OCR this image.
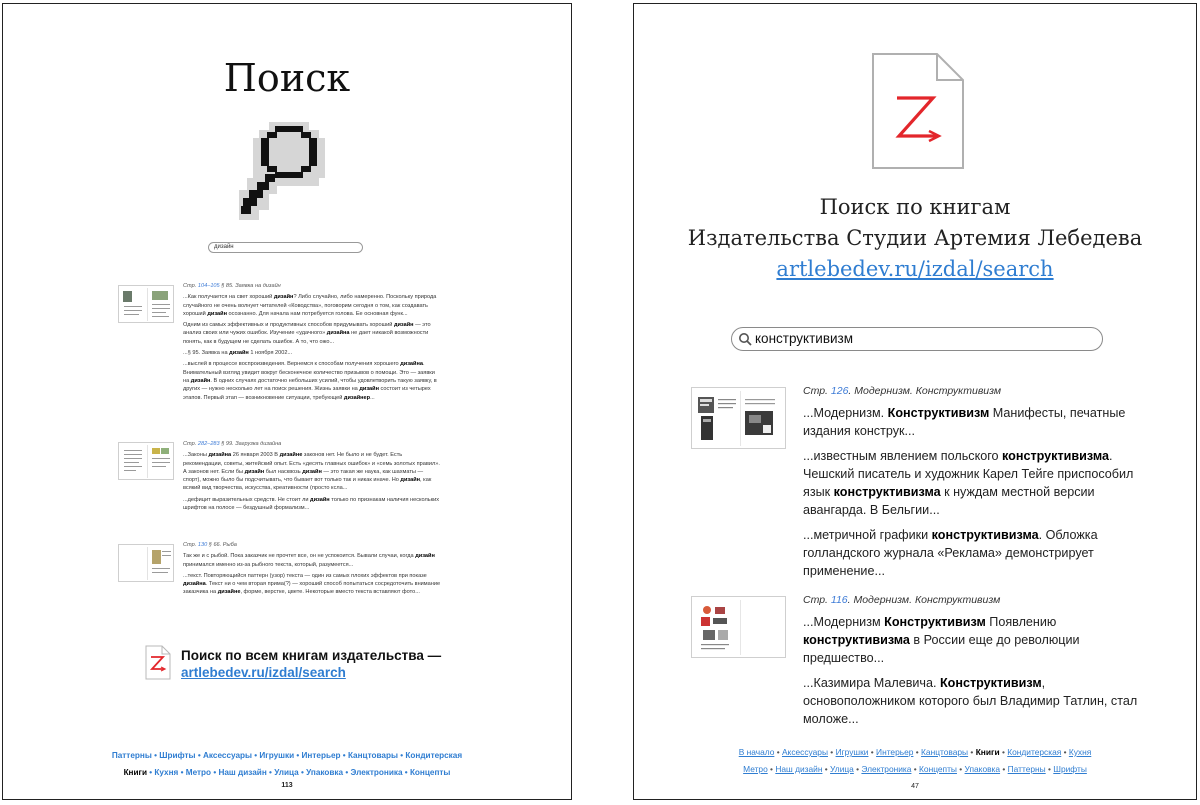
Поиск
дизайн

Стр. 104–105 § 85. Заявка на дизайн

...Как получается на свет хороший дизайн? Либо случайно, либо намеренно. Поскольку природа случайного не очень волнует читателей «Ководства», поговорим сегодня о том, как создавать хороший дизайн осознанно. Для начала нам потребуется голова. Ее основная функ...

Одним из самых эффективных и продуктивных способов придумывать хороший дизайн — это анализ своих или чужих ошибок. Изучение «удачного» дизайна не дает никакой возможности понять, как в будущем не сделать ошибок. А то, что ожо...

...§ 95. Заявка на дизайн 1 ноября 2002...

...выслей в процессе воспроизведения. Вернемся к способам получения хорошего дизайна. Внимательный взгляд увидит вокруг бесконечное количество призывов о помощи. Это — заявки на дизайн. В одних случаях достаточно небольших усилий, чтобы удовлетворить такую заявку, в других — нужно несколько лет на поиск решения. Жизнь заявки на дизайн состоит из четырех этапов. Первый этап — возникновение ситуации, требующей дизайнер...

Стр. 282–283 § 99. Загрузка дизайна

...Законы дизайна 26 января 2003 В дизайне законов нет. Не было и не будет. Есть рекомендации, советы, житейский опыт. Есть «десять главных ошибок» и «семь золотых правил». А законов нет. Если бы дизайн был насквозь дизайн — это такая же наука, как шахматы — спорт), можно было бы подсчитывать, что бывает вот только так и никак иначе. Но дизайн, как всякий вид творчества, искусства, креативности (просто ксла...

...дефицит выразительных средств. Не стоит ли дизайн только по признакам наличия нескольких шрифтов на полосе — бездушный формализм...

Стр. 130 § 66. Рыба

Так же и с рыбой. Пока заказчик не прочтет все, он не успокоится. Бывали случаи, когда дизайн принимался именно из-за рыбного текста, который, разумеется...

...текст. Повторяющийся паттерн (узор) текста — один из самых плохих эффектов при показе дизайна. Текст ни о чем вторая прима(?) — хороший способ попытаться сосредоточить внимание заказчика на дизайне, форме, верстке, цвете. Некоторые вместо текста вставляют фото...

Поиск по всем книгам издательства —
artlebedev.ru/izdal/search
Паттерны • Шрифты • Аксессуары • Игрушки • Интерьер • Канцтовары • Кондитерская
Книги • Кухня • Метро • Наш дизайн • Улица • Упаковка • Электроника • Концепты
113
Поиск по книгам
Издательства Студии Артемия Лебедева
artlebedev.ru/izdal/search
конструктивизм
Стр. 126. Модернизм. Конструктивизм

...Модернизм. Конструктивизм Манифесты, печатные издания конструк...

...известным явлением польского конструктивизма. Чешский писатель и художник Карел Тейге приспособил язык конструктивизма к нуждам местной версии авангарда. В Бельгии...

...метричной графики конструктивизма. Обложка голландского журнала «Реклама» демонстрирует применение...

Стр. 116. Модернизм. Конструктивизм

...Модернизм Конструктивизм Появлению конструктивизма в России еще до революции предшество...

...Казимира Малевича. Конструктивизм, основоположником которого был Владимир Татлин, стал моложе...

В начало • Аксессуары • Игрушки • Интерьер • Канцтовары • Книги • Кондитерская • Кухня
Метро • Наш дизайн • Улица • Электроника • Концепты • Упаковка • Паттерны • Шрифты
47
